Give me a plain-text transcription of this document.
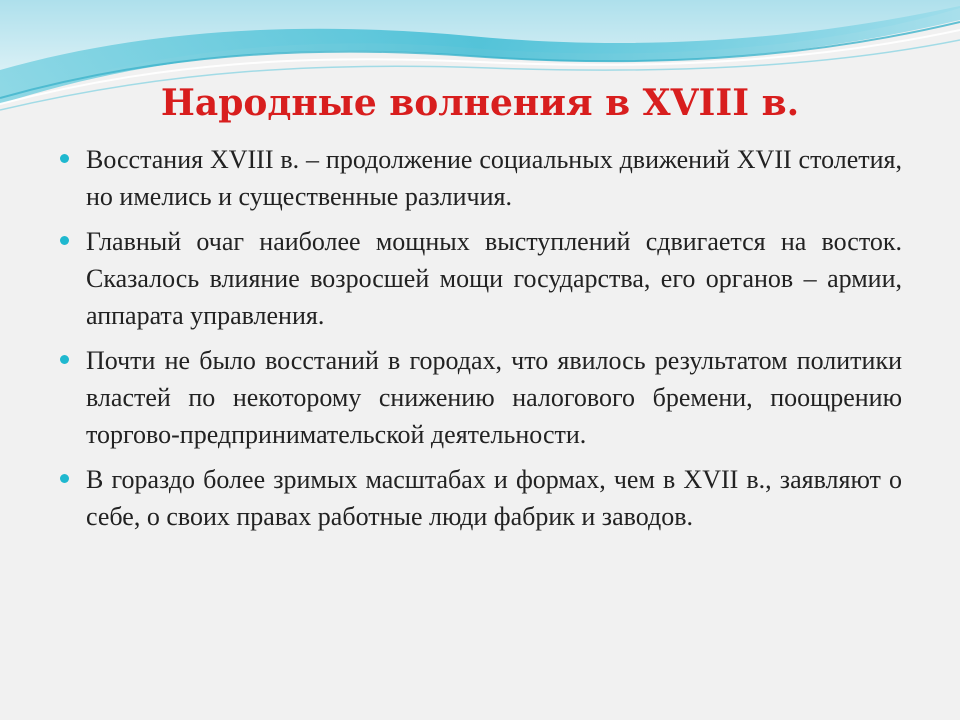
Народные волнения в XVIII в.

Восстания XVIII в. – продолжение социальных движений XVII столетия, но имелись и существенные различия.

Главный очаг наиболее мощных выступлений сдвигается на восток. Сказалось влияние возросшей мощи государства, его органов – армии, аппарата управления.

Почти не было восстаний в городах, что явилось результатом политики властей по некоторому снижению налогового бремени, поощрению торгово-предпринимательской деятельности.

В гораздо более зримых масштабах и формах, чем в XVII в., заявляют о себе, о своих правах работные люди фабрик и заводов.
